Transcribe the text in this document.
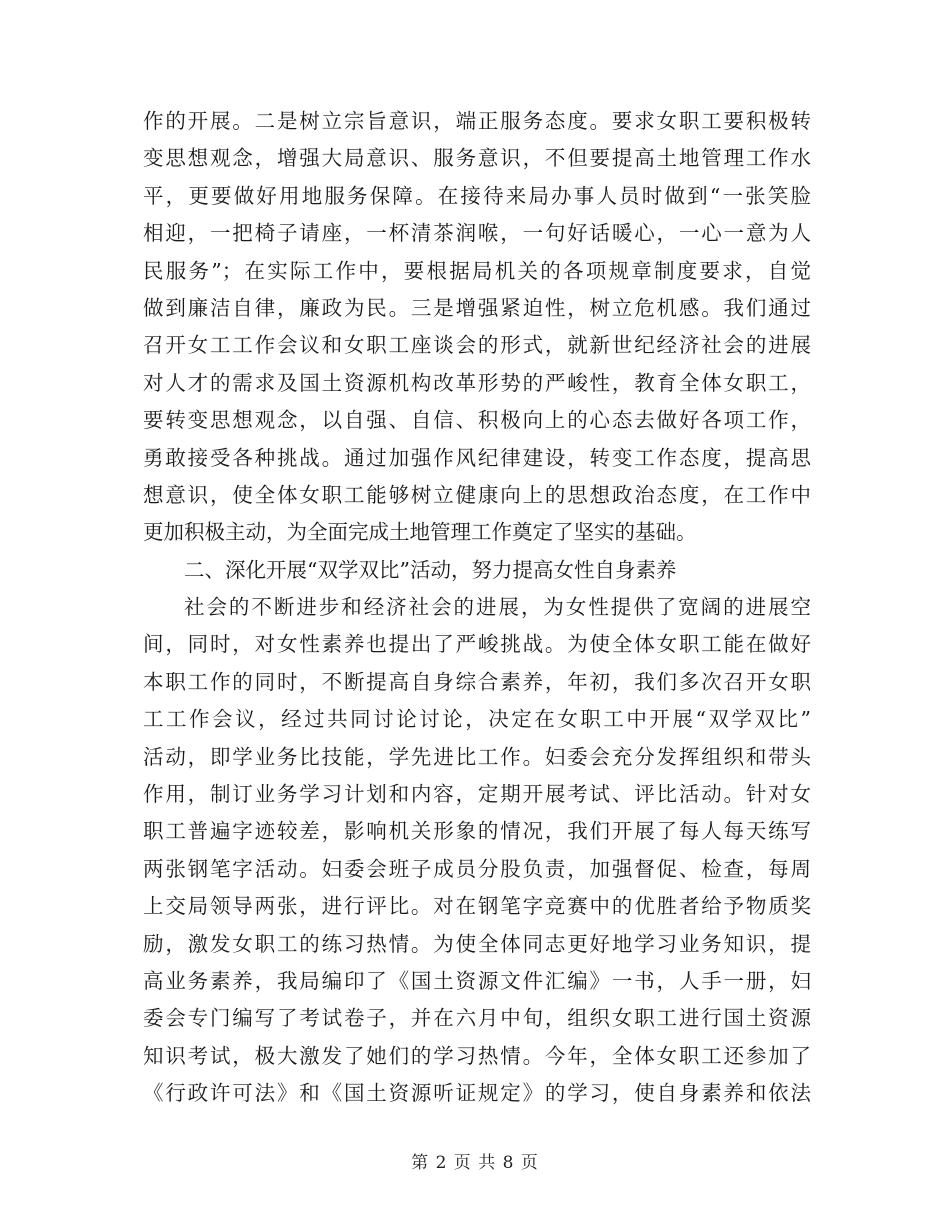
作的开展。二是树立宗旨意识，端正服务态度。要求女职工要积极转
变思想观念，增强大局意识、服务意识，不但要提高土地管理工作水
平，更要做好用地服务保障。在接待来局办事人员时做到“一张笑脸
相迎，一把椅子请座，一杯清茶润喉，一句好话暖心，一心一意为人
民服务”；在实际工作中，要根据局机关的各项规章制度要求，自觉
做到廉洁自律，廉政为民。三是增强紧迫性，树立危机感。我们通过
召开女工工作会议和女职工座谈会的形式，就新世纪经济社会的进展
对人才的需求及国土资源机构改革形势的严峻性，教育全体女职工，
要转变思想观念，以自强、自信、积极向上的心态去做好各项工作，
勇敢接受各种挑战。通过加强作风纪律建设，转变工作态度，提高思
想意识，使全体女职工能够树立健康向上的思想政治态度，在工作中
更加积极主动，为全面完成土地管理工作奠定了坚实的基础。
二、深化开展“双学双比”活动，努力提高女性自身素养
社会的不断进步和经济社会的进展，为女性提供了宽阔的进展空
间，同时，对女性素养也提出了严峻挑战。为使全体女职工能在做好
本职工作的同时，不断提高自身综合素养，年初，我们多次召开女职
工工作会议，经过共同讨论讨论，决定在女职工中开展“双学双比”
活动，即学业务比技能，学先进比工作。妇委会充分发挥组织和带头
作用，制订业务学习计划和内容，定期开展考试、评比活动。针对女
职工普遍字迹较差，影响机关形象的情况，我们开展了每人每天练写
两张钢笔字活动。妇委会班子成员分股负责，加强督促、检查，每周
上交局领导两张，进行评比。对在钢笔字竞赛中的优胜者给予物质奖
励，激发女职工的练习热情。为使全体同志更好地学习业务知识，提
高业务素养，我局编印了《国土资源文件汇编》一书，人手一册，妇
委会专门编写了考试卷子，并在六月中旬，组织女职工进行国土资源
知识考试，极大激发了她们的学习热情。今年，全体女职工还参加了
《行政许可法》和《国土资源听证规定》的学习，使自身素养和依法
第 2 页 共 8 页
